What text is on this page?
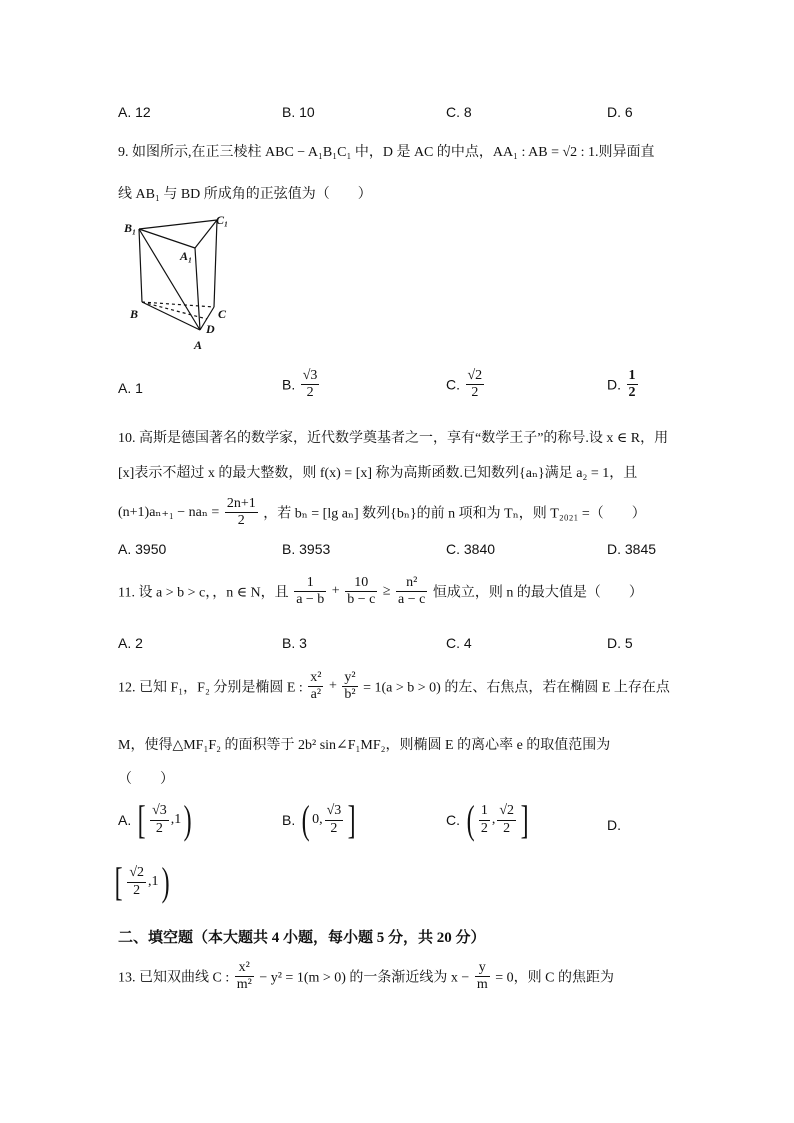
A. 12	B. 10	C. 8	D. 6
9. 如图所示,在正三棱柱 ABC − A₁B₁C₁ 中，D 是 AC 的中点，AA₁ : AB = √2 : 1.则异面直
线 AB₁ 与 BD 所成角的正弦值为（　　）
B₁
C₁
A₁
B	C
D
A
A. 1	B. $\frac{√3}{2}$	C. $\frac{√2}{2}$	D. $\frac{1}{2}$
10. 高斯是德国著名的数学家，近代数学奠基者之一，享有“数学王子”的称号.设 x ∈ R，用
[x]表示不超过 x 的最大整数，则 f(x) = [x] 称为高斯函数.已知数列{aₙ}满足 a₂ = 1，且
$(n+1)a_{n+1} - na_n = \frac{2n+1}{2}$ ，若 bₙ = [lg aₙ] 数列{bₙ}的前 n 项和为 Tₙ，则 T₂₀₂₁ =（　　）
A. 3950	B. 3953	C. 3840	D. 3845
11. 设 a > b > c，，n ∈ N，且 $\frac{1}{a - b} + \frac{10}{b - c} \ge \frac{\text{n²}}{a - c}$ 恒成立，则 n 的最大值是（　　）
A. 2	B. 3	C. 4	D. 5
12. 已知 F₁，F₂ 分别是椭圆 E : $\frac{\text{x²}}{\text{a²}} + \frac{\text{y²}}{\text{b²}} = 1(a > b > 0)$ 的左、右焦点，若在椭圆 E 上存在点
M，使得△MF₁F₂ 的面积等于 2b² sin∠F₁MF₂，则椭圆 E 的离心率 e 的取值范围为
（　　）
A. [ $\frac{√3}{2} ,1$)	B. ( 0, $\frac{√3}{2}$ ]	C. ( $\frac{1}{2}$ , $\frac{√2}{2}$ ]	D.
[ $\frac{√2}{2} ,1$)
二、填空题（本大题共 4 小题，每小题 5 分，共 20 分）
13. 已知双曲线 C : $\frac{\text{x²}}{\text{m²}} - y^2 = 1(m > 0)$ 的一条渐近线为 $x - \frac{y}{m} = 0$，则 C 的焦距为
